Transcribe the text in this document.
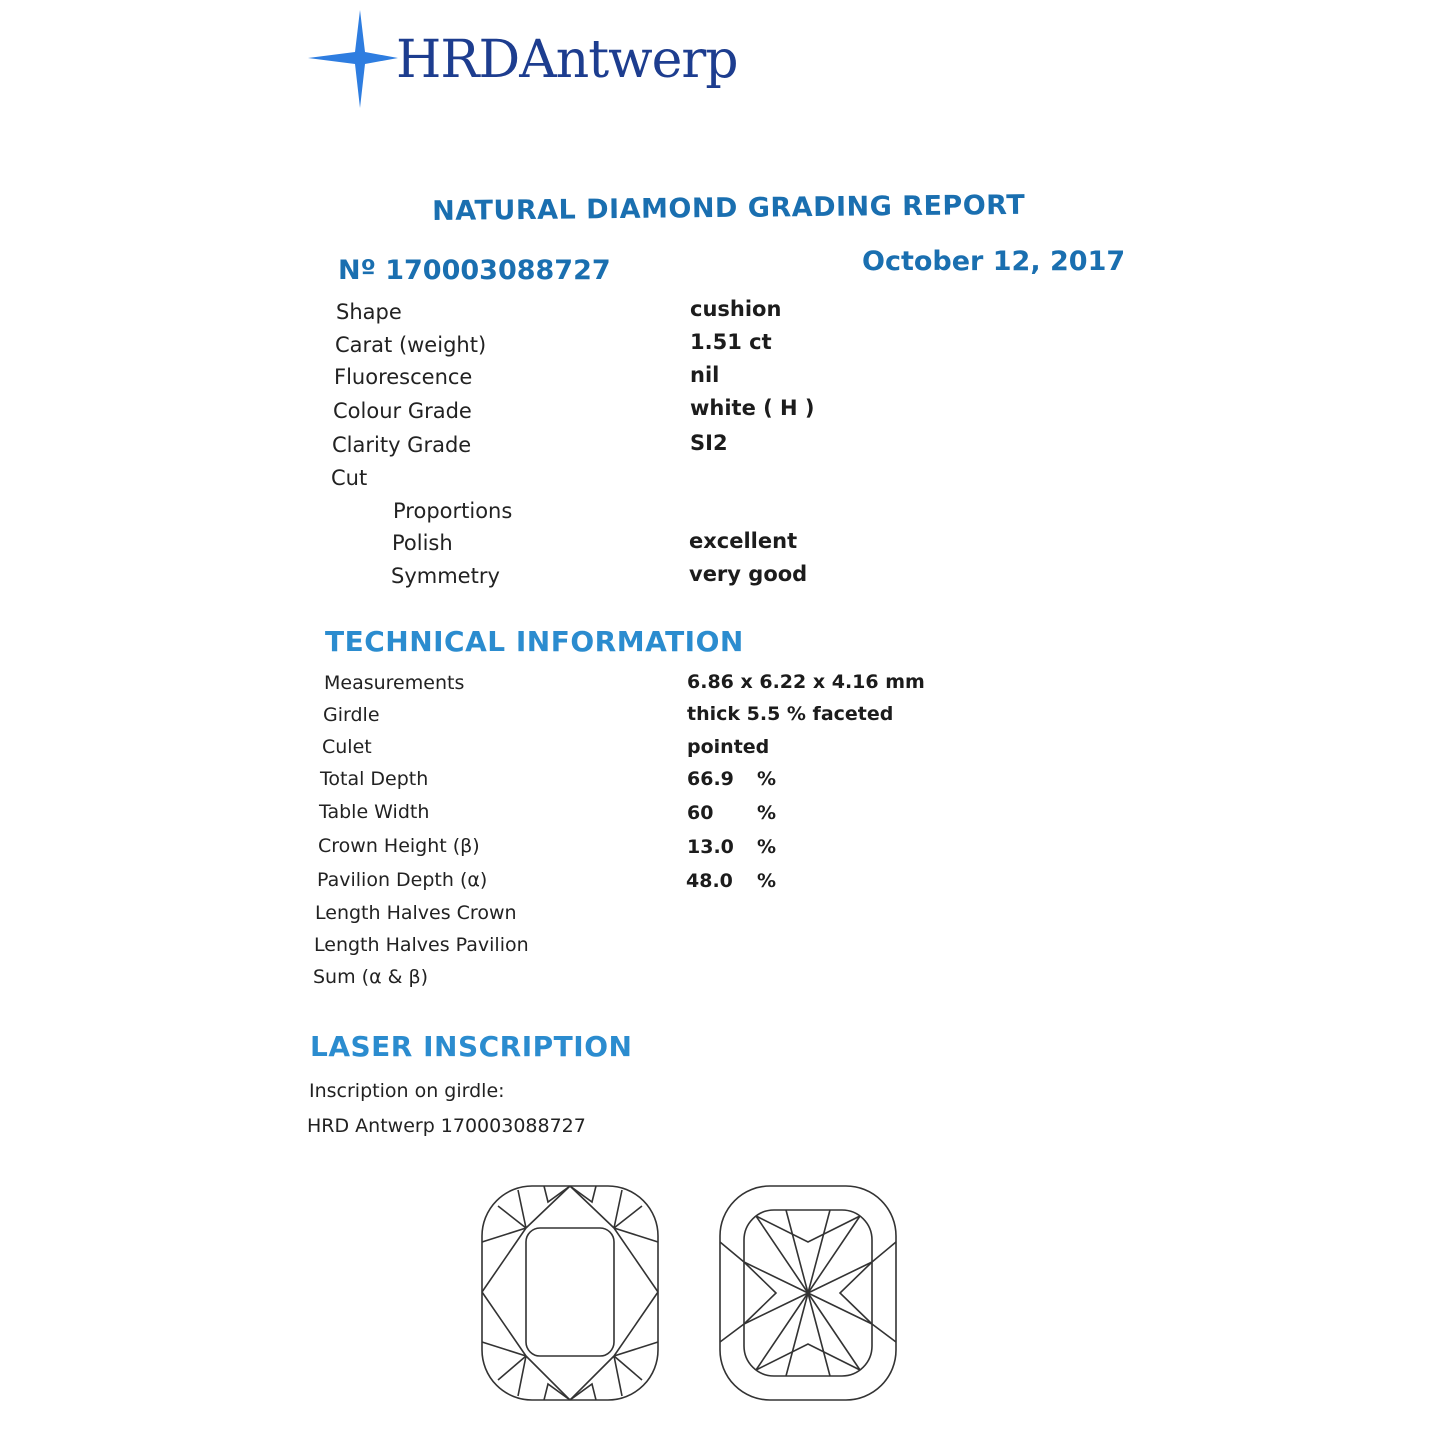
HRDAntwerp
NATURAL DIAMOND GRADING REPORT
Nº 170003088727	October 12, 2017
Shape	cushion
Carat (weight)	1.51 ct
Fluorescence	nil
Colour Grade	white ( H )
Clarity Grade	SI2
Cut
Proportions
Polish	excellent
Symmetry	very good
TECHNICAL INFORMATION
Measurements	6.86 x 6.22 x 4.16 mm
Girdle	thick 5.5 % faceted
Culet	pointed
Total Depth	66.9 %
Table Width	60 %
Crown Height (β)	13.0 %
Pavilion Depth (α)	48.0 %
Length Halves Crown
Length Halves Pavilion
Sum (α & β)
LASER INSCRIPTION
Inscription on girdle:
HRD Antwerp 170003088727
